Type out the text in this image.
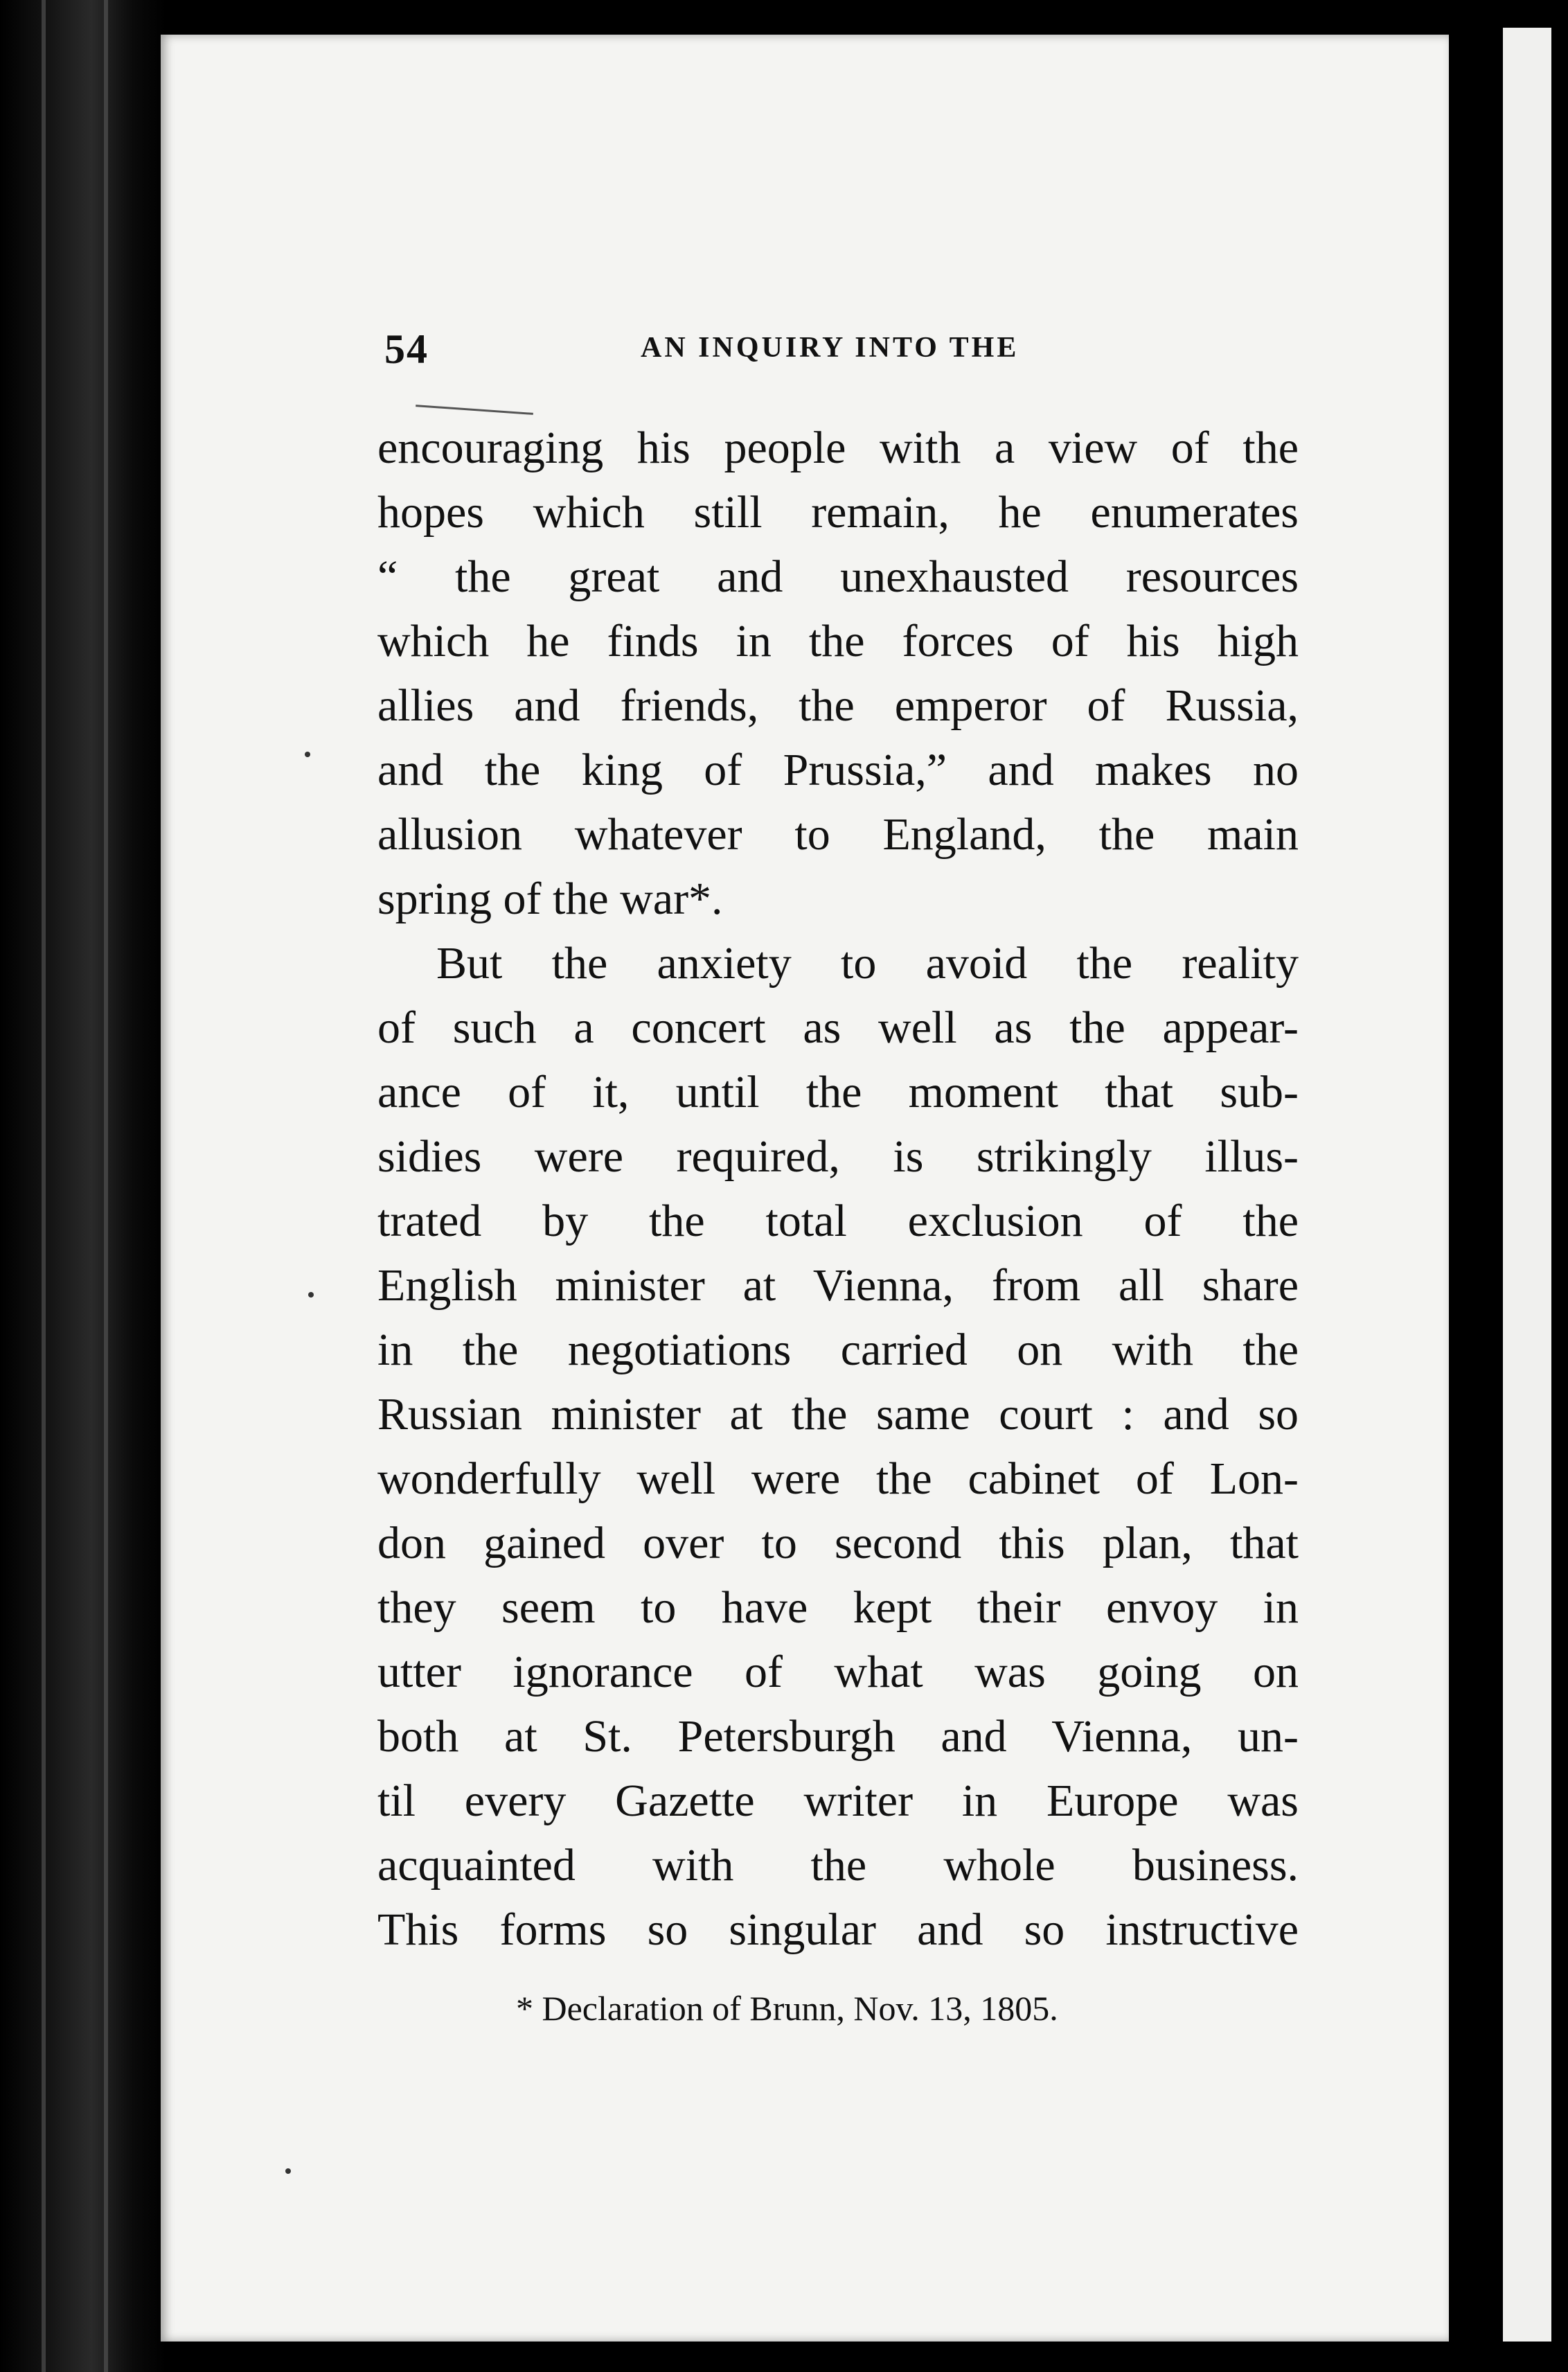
54	AN INQUIRY INTO THE
encouraging his people with a view of the
hopes which still remain, he enumerates
“ the great and unexhausted resources
which he finds in the forces of his high
allies and friends, the emperor of Russia,
and the king of Prussia,” and makes no
allusion whatever to England, the main
spring of the war*.
But the anxiety to avoid the reality
of such a concert as well as the appear-
ance of it, until the moment that sub-
sidies were required, is strikingly illus-
trated by the total exclusion of the
English minister at Vienna, from all share
in the negotiations carried on with the
Russian minister at the same court : and so
wonderfully well were the cabinet of Lon-
don gained over to second this plan, that
they seem to have kept their envoy in
utter ignorance of what was going on
both at St. Petersburgh and Vienna, un-
til every Gazette writer in Europe was
acquainted with the whole business.
This forms so singular and so instructive
* Declaration of Brunn, Nov. 13, 1805.
